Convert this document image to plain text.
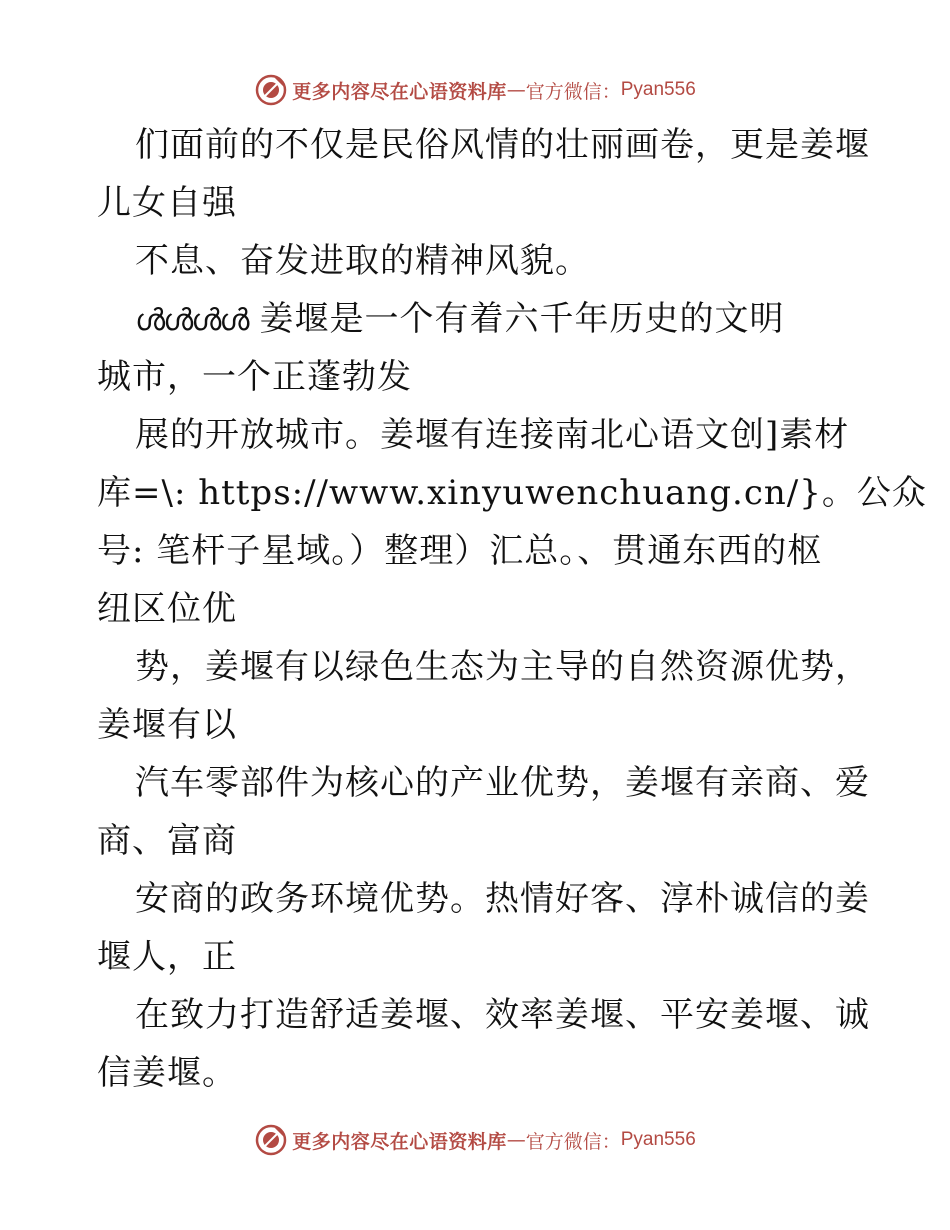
更多内容尽在心语资料库 — 官方微信： Pyan556
们面前的不仅是民俗风情的壮丽画卷，更是姜堰
儿女自强
不息、奋发进取的精神风貌。
ൾൾൾൾ 姜堰是一个有着六千年历史的文明
城市，一个正蓬勃发
展的开放城市。姜堰有连接南北心语文创]素材
库=\: https://www.xinyuwenchuang.cn/}。公众
号: 笔杆子星域。）整理）汇总。、贯通东西的枢
纽区位优
势，姜堰有以绿色生态为主导的自然资源优势，
姜堰有以
汽车零部件为核心的产业优势，姜堰有亲商、爱
商、富商
安商的政务环境优势。热情好客、淳朴诚信的姜
堰人，正
在致力打造舒适姜堰、效率姜堰、平安姜堰、诚
信姜堰。
更多内容尽在心语资料库 — 官方微信： Pyan556
